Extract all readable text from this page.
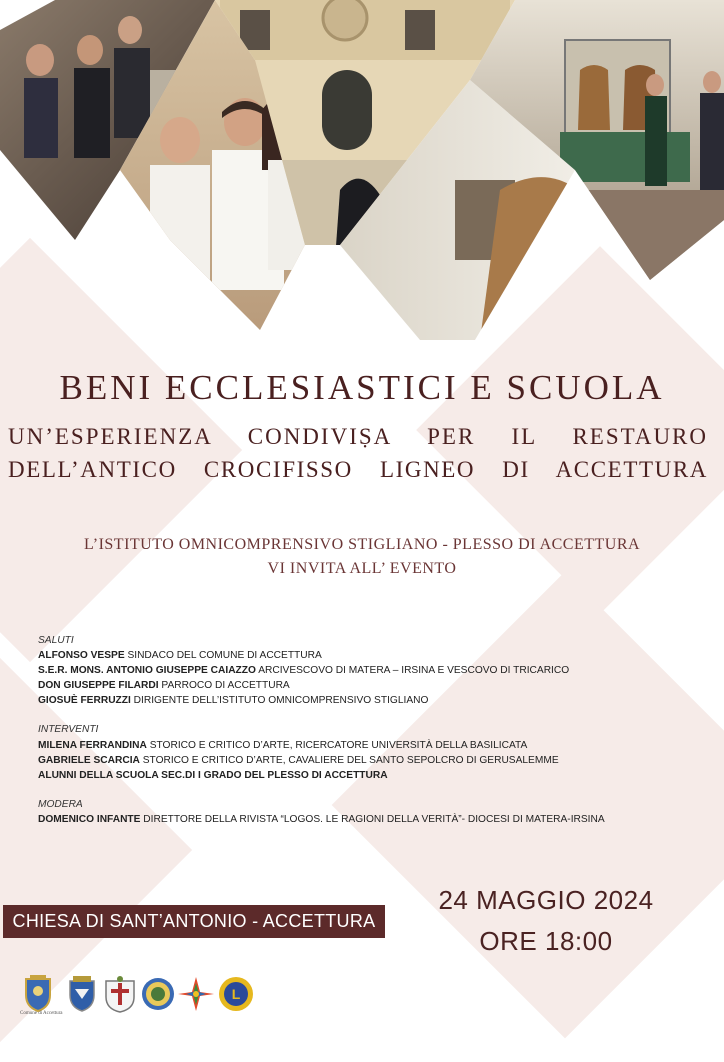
BENI ECCLESIASTICI E SCUOLA
UN’ESPERIENZA CONDIVIṢA PER IL RESTAURO
DELL’ANTICO CROCIFISSO LIGNEO DI ACCETTURA
L’ISTITUTO OMNICOMPRENSIVO STIGLIANO - PLESSO DI ACCETTURA
VI INVITA ALL’ EVENTO
SALUTI
ALFONSO VESPE SINDACO DEL COMUNE DI ACCETTURA
S.E.R. MONS. ANTONIO GIUSEPPE CAIAZZO ARCIVESCOVO DI MATERA – IRSINA E VESCOVO DI TRICARICO
DON GIUSEPPE FILARDI PARROCO DI ACCETTURA
GIOSUÈ FERRUZZI DIRIGENTE DELL’ISTITUTO OMNICOMPRENSIVO STIGLIANO
INTERVENTI
MILENA FERRANDINA STORICO E CRITICO D’ARTE, RICERCATORE UNIVERSITÀ DELLA BASILICATA
GABRIELE SCARCIA STORICO E CRITICO D’ARTE, CAVALIERE DEL SANTO SEPOLCRO DI GERUSALEMME
ALUNNI DELLA SCUOLA SEC.DI I GRADO DEL PLESSO DI ACCETTURA
MODERA
DOMENICO INFANTE DIRETTORE DELLA RIVISTA “LOGOS. LE RAGIONI DELLA VERITÀ”- DIOCESI DI MATERA-IRSINA
CHIESA DI SANT’ANTONIO - ACCETTURA
24 MAGGIO 2024
ORE 18:00
Comune di Accettura
L
